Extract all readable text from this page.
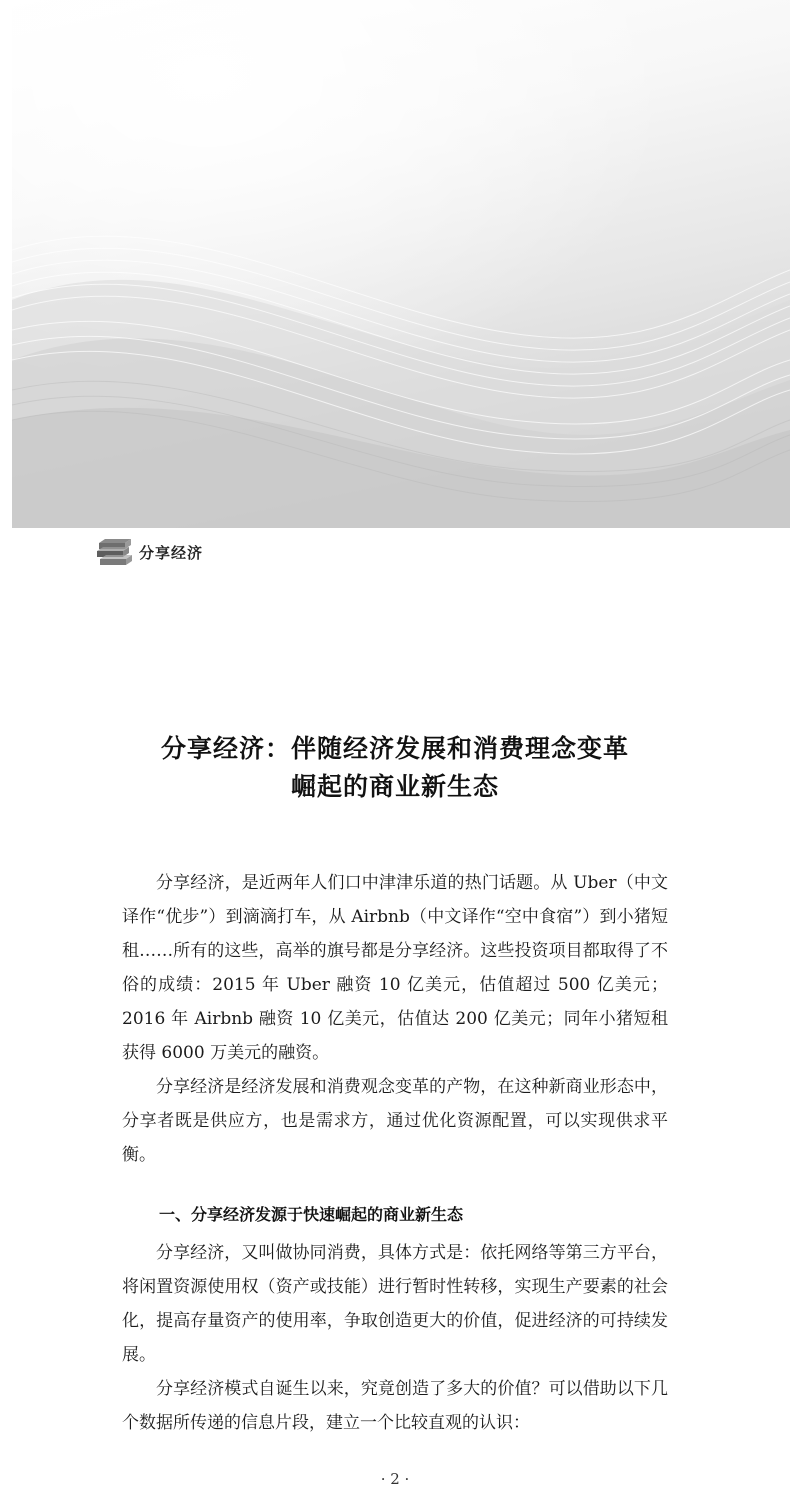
分享经济
分享经济：伴随经济发展和消费理念变革
崛起的商业新生态

分享经济，是近两年人们口中津津乐道的热门话题。从 Uber（中文译作“优步”）到滴滴打车，从 Airbnb（中文译作“空中食宿”）到小猪短租……所有的这些，高举的旗号都是分享经济。这些投资项目都取得了不俗的成绩：2015 年 Uber 融资 10 亿美元，估值超过 500 亿美元；2016 年 Airbnb 融资 10 亿美元，估值达 200 亿美元；同年小猪短租获得 6000 万美元的融资。

分享经济是经济发展和消费观念变革的产物，在这种新商业形态中，分享者既是供应方，也是需求方，通过优化资源配置，可以实现供求平衡。

一、分享经济发源于快速崛起的商业新生态

分享经济，又叫做协同消费，具体方式是：依托网络等第三方平台，将闲置资源使用权（资产或技能）进行暂时性转移，实现生产要素的社会化，提高存量资产的使用率，争取创造更大的价值，促进经济的可持续发展。

分享经济模式自诞生以来，究竟创造了多大的价值？可以借助以下几个数据所传递的信息片段，建立一个比较直观的认识：

· 2 ·
